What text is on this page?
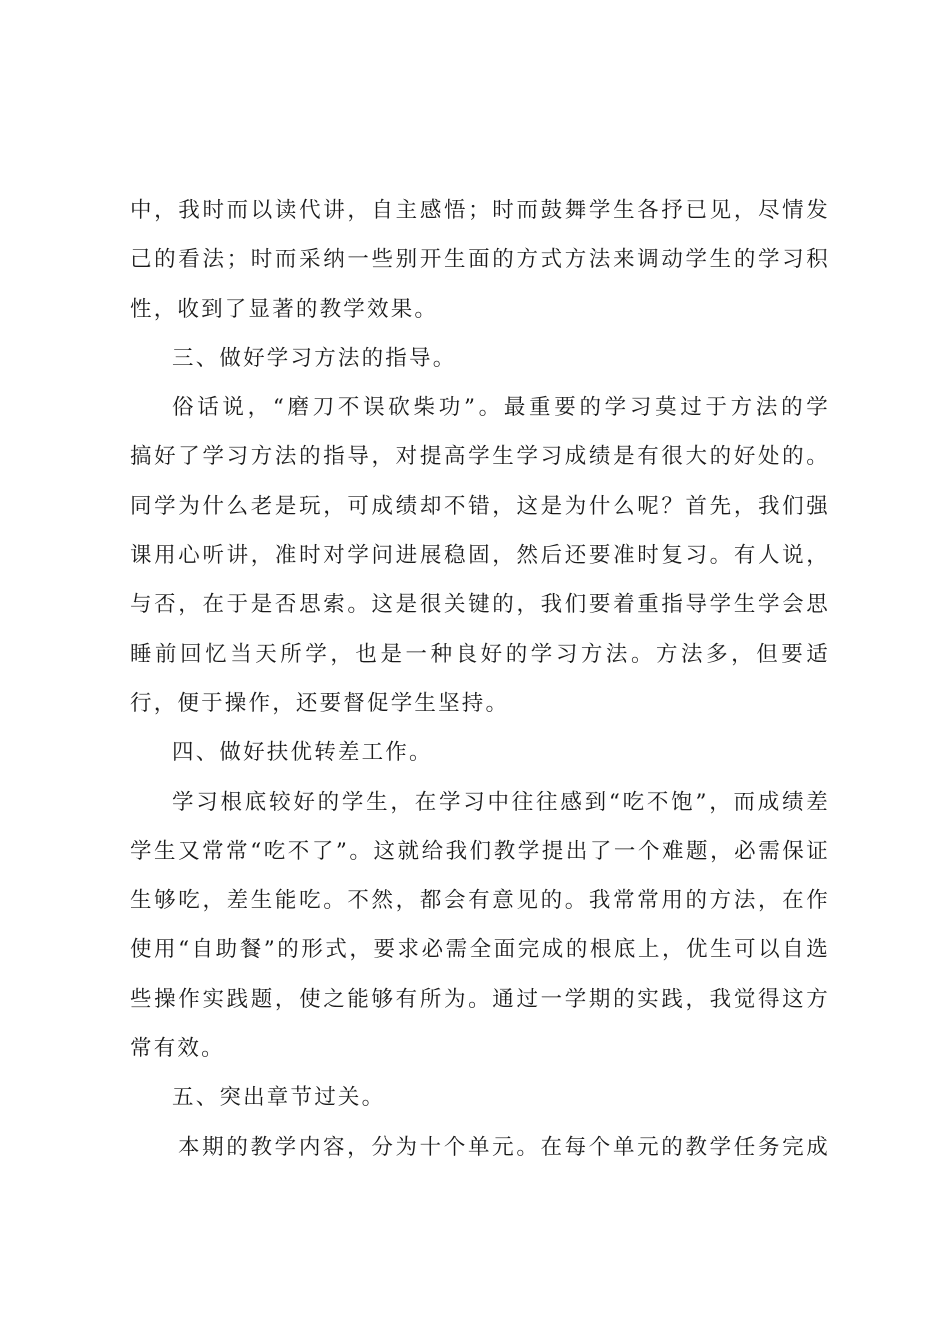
中，我时而以读代讲，自主感悟；时而鼓舞学生各抒已见，尽情发
己的看法；时而采纳一些别开生面的方式方法来调动学生的学习积
性，收到了显著的教学效果。
三、做好学习方法的指导。
俗话说，“磨刀不误砍柴功”。最重要的学习莫过于方法的学
搞好了学习方法的指导，对提高学生学习成绩是有很大的好处的。
同学为什么老是玩，可成绩却不错，这是为什么呢？首先，我们强
课用心听讲，准时对学问进展稳固，然后还要准时复习。有人说，
与否，在于是否思索。这是很关键的，我们要着重指导学生学会思
睡前回忆当天所学，也是一种良好的学习方法。方法多，但要适
行，便于操作，还要督促学生坚持。
四、做好扶优转差工作。
学习根底较好的学生，在学习中往往感到“吃不饱”，而成绩差
学生又常常“吃不了”。这就给我们教学提出了一个难题，必需保证
生够吃，差生能吃。不然，都会有意见的。我常常用的方法，在作
使用“自助餐”的形式，要求必需全面完成的根底上，优生可以自选
些操作实践题，使之能够有所为。通过一学期的实践，我觉得这方
常有效。
五、突出章节过关。
本期的教学内容，分为十个单元。在每个单元的教学任务完成
